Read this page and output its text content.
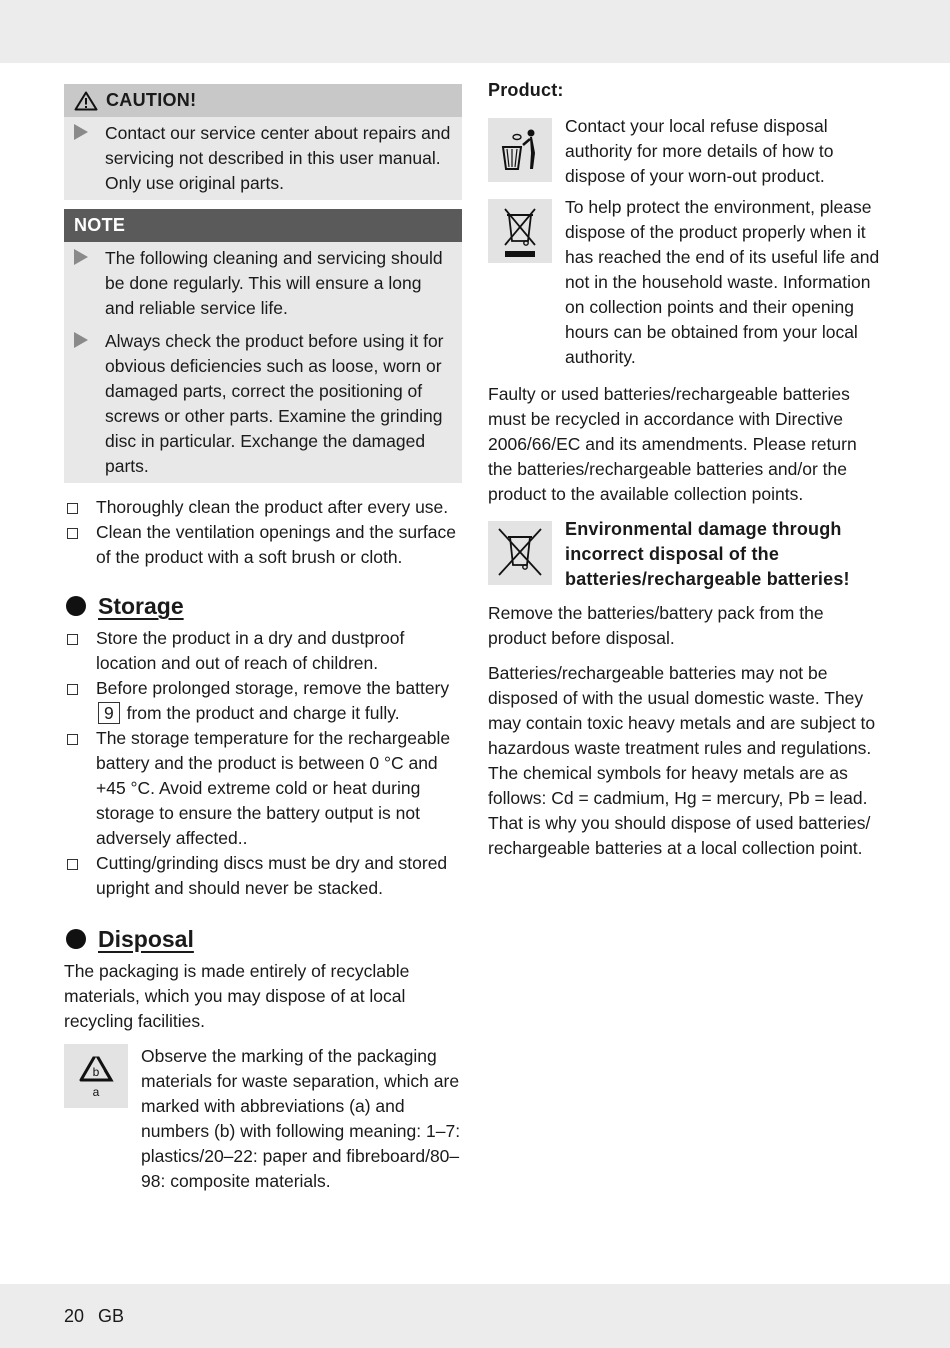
CAUTION!
Contact our service center about repairs and servicing not described in this user manual. Only use original parts.
NOTE
The following cleaning and servicing should be done regularly. This will ensure a long and reliable service life.
Always check the product before using it for obvious deficiencies such as loose, worn or damaged parts, correct the positioning of screws or other parts. Examine the grinding disc in particular. Exchange the damaged parts.
Thoroughly clean the product after every use.
Clean the ventilation openings and the surface of the product with a soft brush or cloth.
Storage
Store the product in a dry and dustproof location and out of reach of children.
Before prolonged storage, remove the battery 9 from the product and charge it fully.
The storage temperature for the rechargeable battery and the product is between 0 °C and +45 °C. Avoid extreme cold or heat during storage to ensure the battery output is not adversely affected..
Cutting/grinding discs must be dry and stored upright and should never be stacked.
Disposal
The packaging is made entirely of recyclable materials, which you may dispose of at local recycling facilities.
b
a
Observe the marking of the packaging materials for waste separation, which are marked with abbreviations (a) and numbers (b) with following meaning: 1–7: plastics/20–22: paper and fibreboard/80–98: composite materials.
Product:
Contact your local refuse disposal authority for more details of how to dispose of your worn-out product.
To help protect the environment, please dispose of the product properly when it has reached the end of its useful life and not in the household waste. Information on collection points and their opening hours can be obtained from your local authority.

Faulty or used batteries/rechargeable batteries must be recycled in accordance with Directive 2006/66/EC and its amendments. Please return the batteries/rechargeable batteries and/or the product to the available collection points.

Environmental damage through incorrect disposal of the batteries/rechargeable batteries!

Remove the batteries/battery pack from the product before disposal.

Batteries/rechargeable batteries may not be disposed of with the usual domestic waste. They may contain toxic heavy metals and are subject to hazardous waste treatment rules and regulations. The chemical symbols for heavy metals are as follows: Cd = cadmium, Hg = mercury, Pb = lead. That is why you should dispose of used batteries/ rechargeable batteries at a local collection point.

20 GB
